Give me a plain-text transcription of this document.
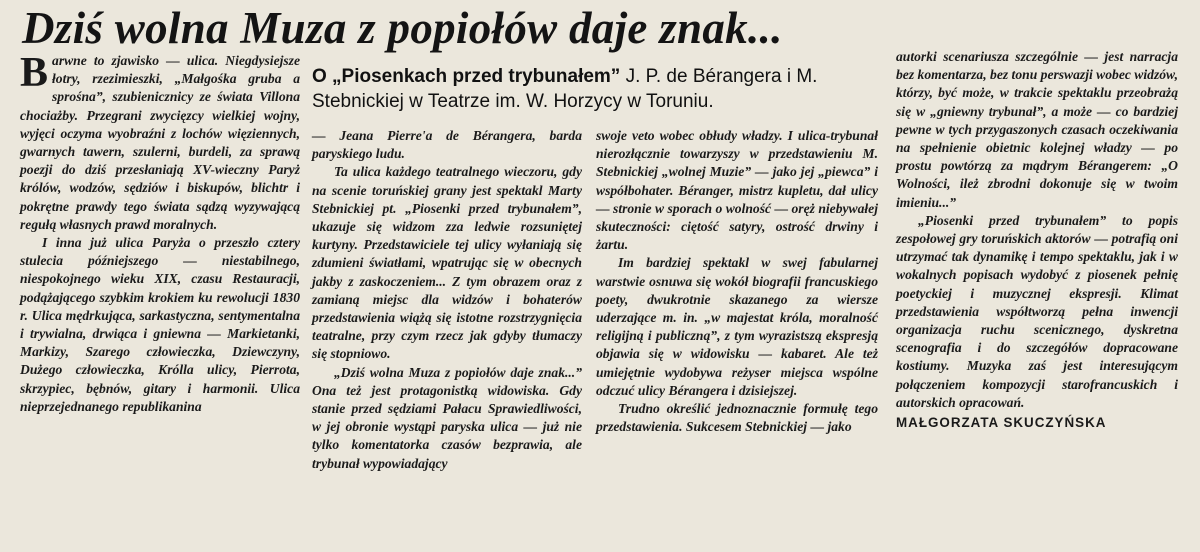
Dziś wolna Muza z popiołów daje znak...

Barwne to zjawisko — ulica. Niegdysiejsze łotry, rzezimieszki, „Małgośka gruba a sprośna”, szubienicznicy ze świata Villona chociażby. Przegrani zwycięzcy wielkiej wojny, wyjęci oczyma wyobraźni z lochów więziennych, gwarnych tawern, szulerni, burdeli, za sprawą poezji do dziś przesłaniają XV-wieczny Paryż królów, wodzów, sędziów i biskupów, blichtr i pokrętne prawdy tego świata sądzą wyzywającą regułą własnych prawd moralnych.

I inna już ulica Paryża o przeszło cztery stulecia późniejszego — niestabilnego, niespokojnego wieku XIX, czasu Restauracji, podążającego szybkim krokiem ku rewolucji 1830 r. Ulica mędrkująca, sarkastyczna, sentymentalna i trywialna, drwiąca i gniewna — Markietanki, Markizy, Szarego człowieczka, Dziewczyny, Dużego człowieczka, Królla ulicy, Pierrota, skrzypiec, bębnów, gitary i harmonii. Ulica nieprzejednanego republikanina

O „Piosenkach przed trybunałem” J. P. de Bérangera i M. Stebnickiej w Teatrze im. W. Horzycy w Toruniu.

— Jeana Pierre'a de Bérangera, barda paryskiego ludu.

Ta ulica każdego teatralnego wieczoru, gdy na scenie toruńskiej grany jest spektakl Marty Stebnickiej pt. „Piosenki przed trybunałem”, ukazuje się widzom zza ledwie rozsuniętej kurtyny. Przedstawiciele tej ulicy wyłaniają się zdumieni światłami, wpatrując się w obecnych jakby z zaskoczeniem... Z tym obrazem oraz z zamianą miejsc dla widzów i bohaterów przedstawienia wiążą się istotne rozstrzygnięcia teatralne, przy czym rzecz jak gdyby tłumaczy się stopniowo.

„Dziś wolna Muza z popiołów daje znak...” Ona też jest protagonistką widowiska. Gdy stanie przed sędziami Pałacu Sprawiedliwości, w jej obronie wystąpi paryska ulica — już nie tylko komentatorka czasów bezprawia, ale trybunał wypowiadający

swoje veto wobec obłudy władzy. I ulica-trybunał nierozłącznie towarzyszy w przedstawieniu M. Stebnickiej „wolnej Muzie” — jako jej „piewca” i współbohater. Béranger, mistrz kupletu, dał ulicy — stronie w sporach o wolność — oręż niebywałej skuteczności: ciętość satyry, ostrość drwiny i żartu.

Im bardziej spektakl w swej fabularnej warstwie osnuwa się wokół biografii francuskiego poety, dwukrotnie skazanego za wiersze uderzające m. in. „w majestat króla, moralność religijną i publiczną”, z tym wyrazistszą ekspresją objawia się w widowisku — kabaret. Ale też umiejętnie wydobywa reżyser miejsca wspólne odczuć ulicy Bérangera i dzisiejszej.

Trudno określić jednoznacznie formułę tego przedstawienia. Sukcesem Stebnickiej — jako

autorki scenariusza szczególnie — jest narracja bez komentarza, bez tonu perswazji wobec widzów, którzy, być może, w trakcie spektaklu przeobrażą się w „gniewny trybunał”, a może — co bardziej pewne w tych przygaszonych czasach oczekiwania na spełnienie obietnic kolejnej władzy — po prostu powtórzą za mądrym Bérangerem: „O Wolności, ileż zbrodni dokonuje się w twoim imieniu...”

„Piosenki przed trybunałem” to popis zespołowej gry toruńskich aktorów — potrafią oni utrzymać tak dynamikę i tempo spektaklu, jak i w wokalnych popisach wydobyć z piosenek pełnię poetyckiej i muzycznej ekspresji. Klimat przedstawienia współtworzą pełna inwencji organizacja ruchu scenicznego, dyskretna scenografia i do szczegółów dopracowane kostiumy. Muzyka zaś jest interesującym połączeniem kompozycji starofrancuskich i autorskich opracowań.

MAŁGORZATA SKUCZYŃSKA
